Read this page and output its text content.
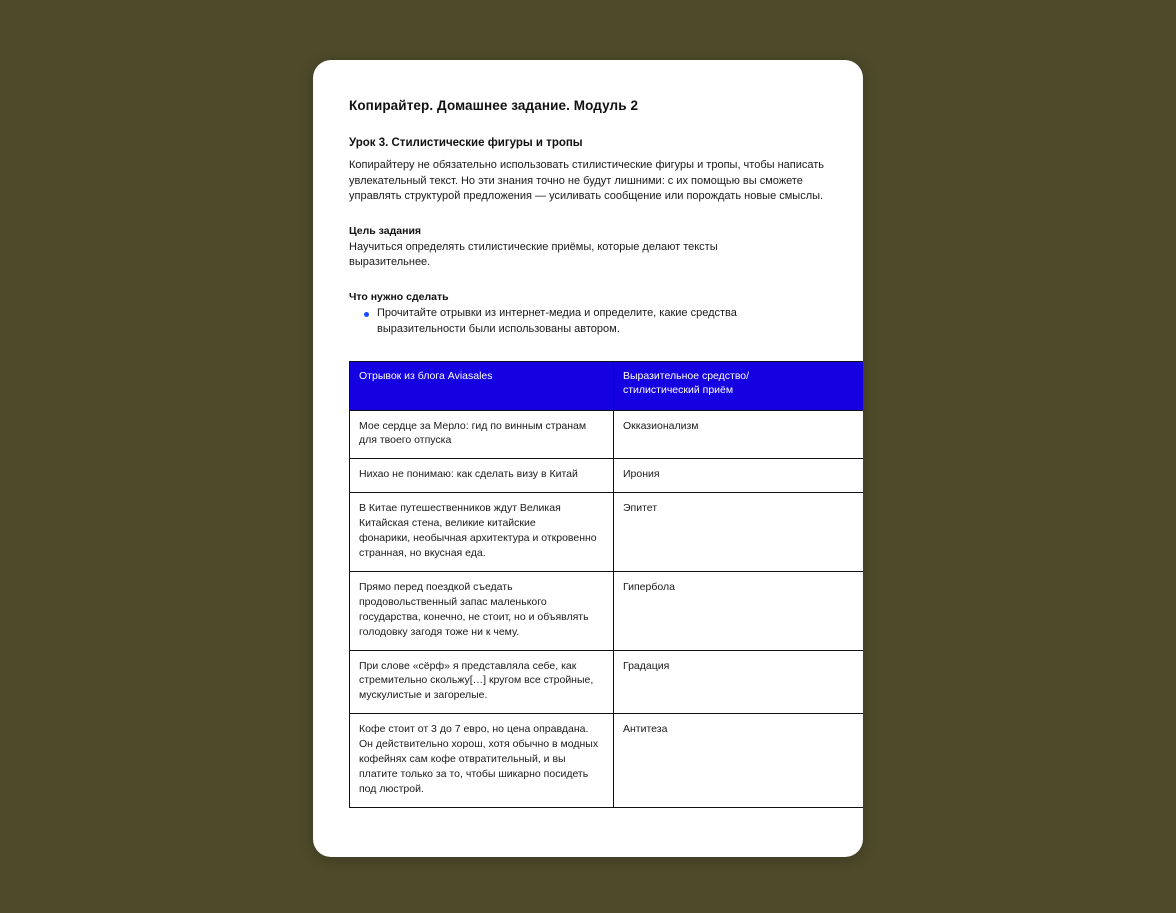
Копирайтер. Домашнее задание. Модуль 2
Урок 3. Стилистические фигуры и тропы

Копирайтеру не обязательно использовать стилистические фигуры и тропы, чтобы написать увлекательный текст. Но эти знания точно не будут лишними: с их помощью вы сможете управлять структурой предложения — усиливать сообщение или порождать новые смыслы.

Цель задания

Научиться определять стилистические приёмы, которые делают тексты выразительнее.

Что нужно сделать
Прочитайте отрывки из интернет-медиа и определите, какие средства выразительности были использованы автором.
Отрывок из блога Aviasales	Выразительное средство/
стилистический приём
Мое сердце за Мерло: гид по винным странам для твоего отпуска	Окказионализм
Нихао не понимаю: как сделать визу в Китай	Ирония
В Китае путешественников ждут Великая Китайская стена, великие китайские
фонарики, необычная архитектура и откровенно странная, но вкусная еда.	Эпитет
Прямо перед поездкой съедать продовольственный запас маленького государства, конечно, не стоит, но и объявлять голодовку загодя тоже ни к чему.	Гипербола
При слове «сёрф» я представляла себе, как стремительно скольжу[…] кругом все стройные, мускулистые и загорелые.	Градация
Кофе стоит от 3 до 7 евро, но цена оправдана. Он действительно хорош, хотя обычно в модных кофейнях сам кофе отвратительный, и вы платите только за то, чтобы шикарно посидеть под люстрой.	Антитеза
